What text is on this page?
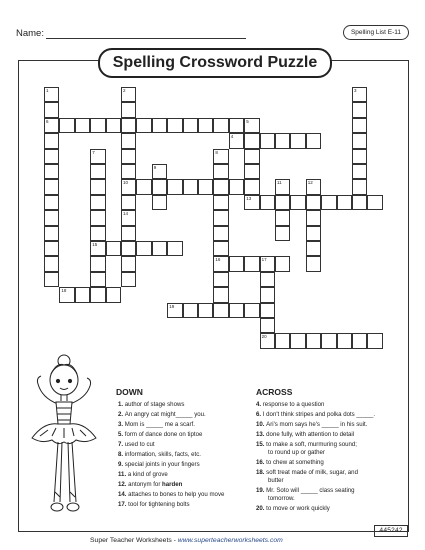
Name:	Spelling List E-11
Spelling Crossword Puzzle
1
6
2
10
14
3
4
5
13
7
15
8
16
9
11	12
17
20
18
19
DOWN
1. author of stage shows
2. An angry cat might_____ you.
3. Mom is _____ me a scarf.
5. form of dance done on tiptoe
7. used to cut
8. information, skills, facts, etc.
9. special joints in your fingers
11. a kind of grove
12. antonym for harden
14. attaches to bones to help you move
17. tool for tightening bolts
ACROSS
4. response to a question
6. I don't think stripes and polka dots _____.
10. Ari's mom says he's _____ in his suit.
13. done fully, with attention to detail
15. to make a soft, murmuring sound;
to round up or gather
16. to chew at something
18. soft treat made of milk, sugar, and
butter
19. Mr. Soto will _____ class seating
tomorrow.
20. to move or work quickly
Super Teacher Worksheets - www.superteacherworksheets.com
445242
